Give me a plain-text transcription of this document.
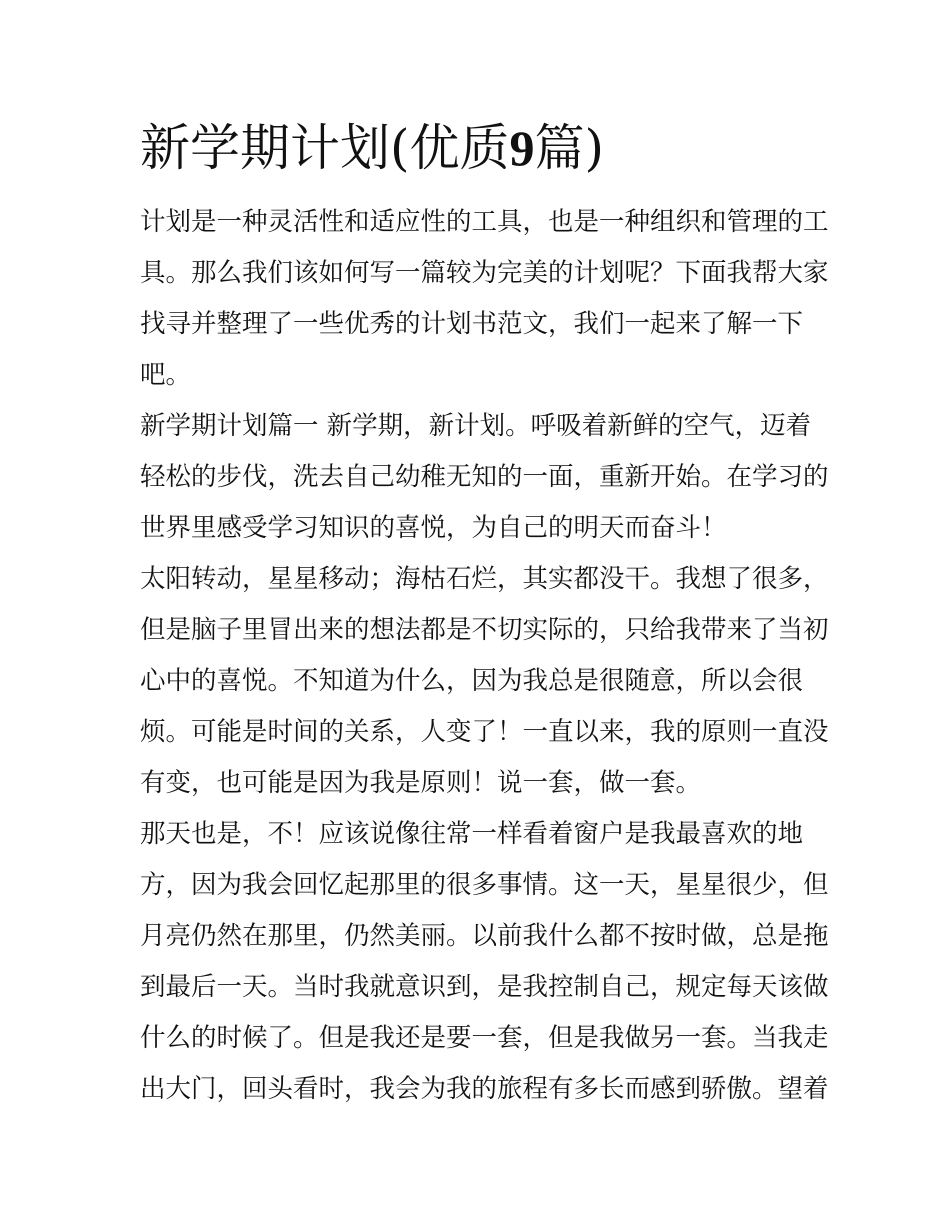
新学期计划(优质9篇)
计划是一种灵活性和适应性的工具，也是一种组织和管理的工
具。那么我们该如何写一篇较为完美的计划呢？下面我帮大家
找寻并整理了一些优秀的计划书范文，我们一起来了解一下
吧。
新学期计划篇一 新学期，新计划。呼吸着新鲜的空气，迈着
轻松的步伐，洗去自己幼稚无知的一面，重新开始。在学习的
世界里感受学习知识的喜悦，为自己的明天而奋斗！
太阳转动，星星移动；海枯石烂，其实都没干。我想了很多，
但是脑子里冒出来的想法都是不切实际的，只给我带来了当初
心中的喜悦。不知道为什么，因为我总是很随意，所以会很
烦。可能是时间的关系，人变了！一直以来，我的原则一直没
有变，也可能是因为我是原则！说一套，做一套。
那天也是，不！应该说像往常一样看着窗户是我最喜欢的地
方，因为我会回忆起那里的很多事情。这一天，星星很少，但
月亮仍然在那里，仍然美丽。以前我什么都不按时做，总是拖
到最后一天。当时我就意识到，是我控制自己，规定每天该做
什么的时候了。但是我还是要一套，但是我做另一套。当我走
出大门，回头看时，我会为我的旅程有多长而感到骄傲。望着
